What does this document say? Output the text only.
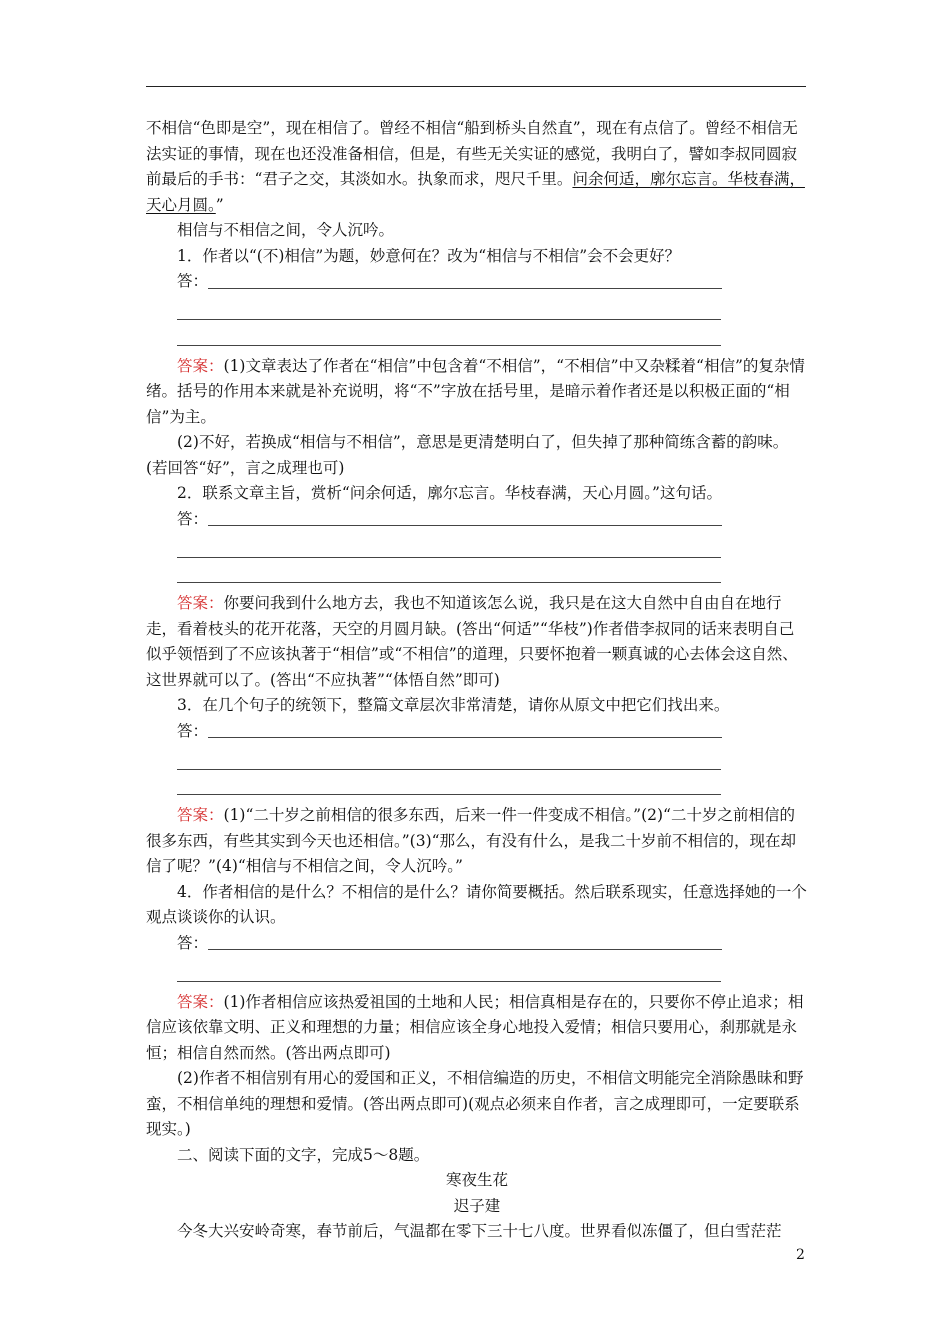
不相信“色即是空”，现在相信了。曾经不相信“船到桥头自然直”，现在有点信了。曾经不相信无法实证的事情，现在也还没准备相信，但是，有些无关实证的感觉，我明白了，譬如李叔同圆寂前最后的手书：“君子之交，其淡如水。执象而求，咫尺千里。问余何适，廓尔忘言。华枝春满，天心月圆。”

相信与不相信之间，令人沉吟。

1．作者以“(不)相信”为题，妙意何在？改为“相信与不相信”会不会更好？

答：

答案：(1)文章表达了作者在“相信”中包含着“不相信”，“不相信”中又杂糅着“相信”的复杂情绪。括号的作用本来就是补充说明，将“不”字放在括号里，是暗示着作者还是以积极正面的“相信”为主。

(2)不好，若换成“相信与不相信”，意思是更清楚明白了，但失掉了那种简练含蓄的韵味。(若回答“好”，言之成理也可)

2．联系文章主旨，赏析“问余何适，廓尔忘言。华枝春满，天心月圆。”这句话。

答：

答案：你要问我到什么地方去，我也不知道该怎么说，我只是在这大自然中自由自在地行走，看着枝头的花开花落，天空的月圆月缺。(答出“何适”“华枝”)作者借李叔同的话来表明自己似乎领悟到了不应该执著于“相信”或“不相信”的道理，只要怀抱着一颗真诚的心去体会这自然、这世界就可以了。(答出“不应执著”“体悟自然”即可)

3．在几个句子的统领下，整篇文章层次非常清楚，请你从原文中把它们找出来。

答：

答案：(1)“二十岁之前相信的很多东西，后来一件一件变成不相信。”(2)“二十岁之前相信的很多东西，有些其实到今天也还相信。”(3)“那么，有没有什么，是我二十岁前不相信的，现在却信了呢？”(4)“相信与不相信之间，令人沉吟。”

4．作者相信的是什么？不相信的是什么？请你简要概括。然后联系现实，任意选择她的一个观点谈谈你的认识。

答：

答案：(1)作者相信应该热爱祖国的土地和人民；相信真相是存在的，只要你不停止追求；相信应该依靠文明、正义和理想的力量；相信应该全身心地投入爱情；相信只要用心，刹那就是永恒；相信自然而然。(答出两点即可)

(2)作者不相信别有用心的爱国和正义，不相信编造的历史，不相信文明能完全消除愚昧和野蛮，不相信单纯的理想和爱情。(答出两点即可)(观点必须来自作者，言之成理即可，一定要联系现实。)

二、阅读下面的文字，完成5～8题。

寒夜生花

迟子建

今冬大兴安岭奇寒，春节前后，气温都在零下三十七八度。世界看似冻僵了，但白雪茫茫

2
